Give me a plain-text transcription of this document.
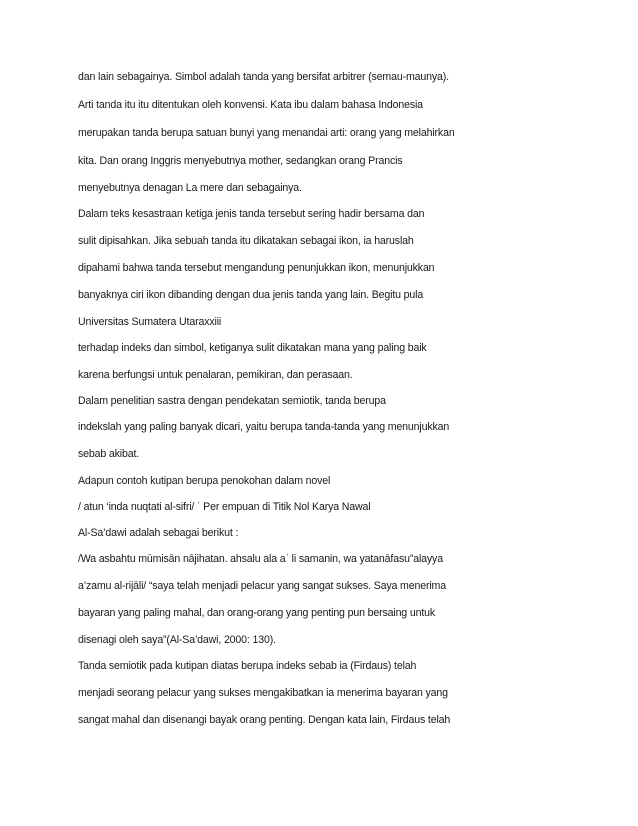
dan lain sebagainya. Simbol adalah tanda yang bersifat arbitrer (semau-maunya).

Arti tanda itu itu ditentukan oleh konvensi. Kata ibu dalam bahasa Indonesia

merupakan tanda berupa satuan bunyi yang menandai arti: orang yang melahirkan

kita. Dan orang Inggris menyebutnya mother, sedangkan orang Prancis

menyebutnya denagan La mere dan sebagainya.

Dalam teks kesastraan ketiga jenis tanda tersebut sering hadir bersama dan

sulit dipisahkan. Jika sebuah tanda itu dikatakan sebagai ikon, ia haruslah

dipahami bahwa tanda tersebut mengandung penunjukkan ikon, menunjukkan

banyaknya ciri ikon dibanding dengan dua jenis tanda yang lain. Begitu pula

Universitas Sumatera Utaraxxiii

terhadap indeks dan simbol, ketiganya sulit dikatakan mana yang paling baik

karena berfungsi untuk penalaran, pemikiran, dan perasaan.

Dalam penelitian sastra dengan pendekatan semiotik, tanda berupa

indekslah yang paling banyak dicari, yaitu berupa tanda-tanda yang menunjukkan

sebab akibat.

Adapun contoh kutipan berupa penokohan dalam novel

/ atun ‘inda nuqtati al-sifri/ ˈ Per empuan di Titik Nol Karya Nawal

Al-Sa’dawi adalah sebagai berikut :

/Wa asbahtu mūmisān nājihatan. ahsalu ala aˈ li samanin, wa yatanāfasu”alayya

a’zamu al-rijāli/ “saya telah menjadi pelacur yang sangat sukses. Saya menerima

bayaran yang paling mahal, dan orang-orang yang penting pun bersaing untuk

disenagi oleh saya”(Al-Sa’dawi, 2000: 130).

Tanda semiotik pada kutipan diatas berupa indeks sebab ia (Firdaus) telah

menjadi seorang pelacur yang sukses mengakibatkan ia menerima bayaran yang

sangat mahal dan disenangi bayak orang penting. Dengan kata lain, Firdaus telah
